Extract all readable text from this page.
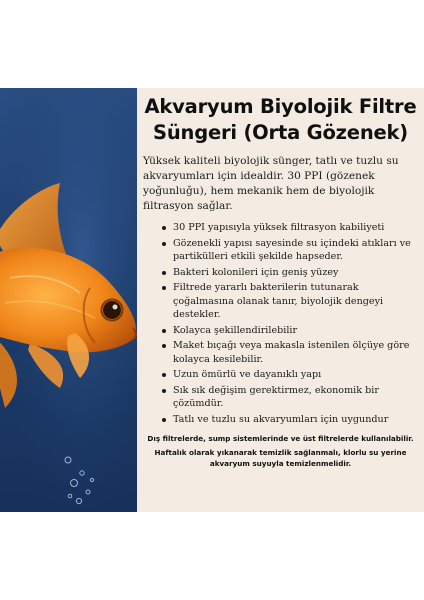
Akvaryum Biyolojik Filtre Süngeri (Orta Gözenek)
Yüksek kaliteli biyolojik sünger, tatlı ve tuzlu su akvaryumları için idealdir. 30 PPI (gözenek yoğunluğu), hem mekanik hem de biyolojik filtrasyon sağlar.
30 PPI yapısıyla yüksek filtrasyon kabiliyeti
Gözenekli yapısı sayesinde su içindeki atıkları ve partikülleri etkili şekilde hapseder.
Bakteri kolonileri için geniş yüzey
Filtrede yararlı bakterilerin tutunarak çoğalmasına olanak tanır, biyolojik dengeyi destekler.
Kolayca şekillendirilebilir
Maket bıçağı veya makasla istenilen ölçüye göre kolayca kesilebilir.
Uzun ömürlü ve dayanıklı yapı
Sık sık değişim gerektirmez, ekonomik bir çözümdür.
Tatlı ve tuzlu su akvaryumları için uygundur

Dış filtrelerde, sump sistemlerinde ve üst filtrelerde kullanılabilir.

Haftalık olarak yıkanarak temizlik sağlanmalı, klorlu su yerine akvaryum suyuyla temizlenmelidir.
